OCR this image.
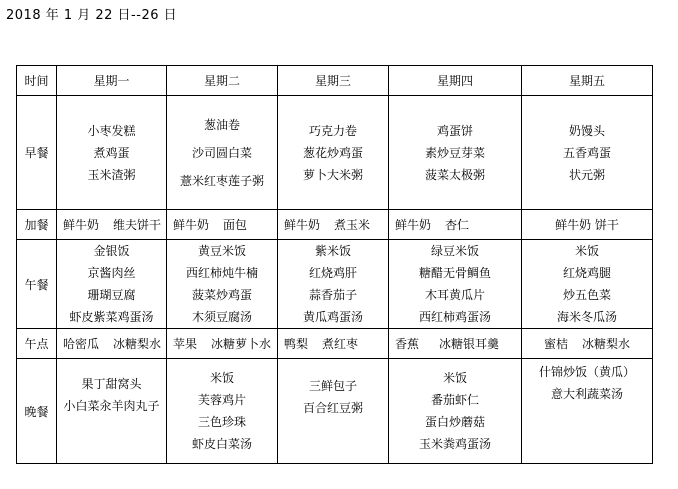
2018 年 1 月 22 日--26 日
时间	星期一	星期二	星期三	星期四	星期五
早餐	小枣发糕
煮鸡蛋
玉米渣粥	葱油卷
沙司圆白菜
薏米红枣莲子粥	巧克力卷
葱花炒鸡蛋
萝卜大米粥	鸡蛋饼
素炒豆芽菜
菠菜太极粥	奶馒头
五香鸡蛋
状元粥

加餐	鲜牛奶 维夫饼干	鲜牛奶 面包	鲜牛奶 煮玉米	鲜牛奶 杏仁	鲜牛奶 饼干
午餐	金银饭
京酱肉丝
珊瑚豆腐
虾皮紫菜鸡蛋汤	黄豆米饭
西红柿炖牛楠
菠菜炒鸡蛋
木须豆腐汤	紫米饭
红烧鸡肝
蒜香茄子
黄瓜鸡蛋汤	绿豆米饭
糖醋无骨鲷鱼
木耳黄瓜片
西红柿鸡蛋汤	米饭
红烧鸡腿
炒五色菜
海米冬瓜汤

午点	哈密瓜 冰糖梨水	苹果 冰糖萝卜水	鸭梨 煮红枣	香蕉 冰糖银耳羹	蜜桔 冰糖梨水
晚餐	果丁甜窝头
小白菜汆羊肉丸子	米饭
芙蓉鸡片
三色珍珠
虾皮白菜汤	三鲜包子
百合红豆粥	米饭
番茄虾仁
蛋白炒蘑菇
玉米粪鸡蛋汤	什锦炒饭（黄瓜）
意大利蔬菜汤
